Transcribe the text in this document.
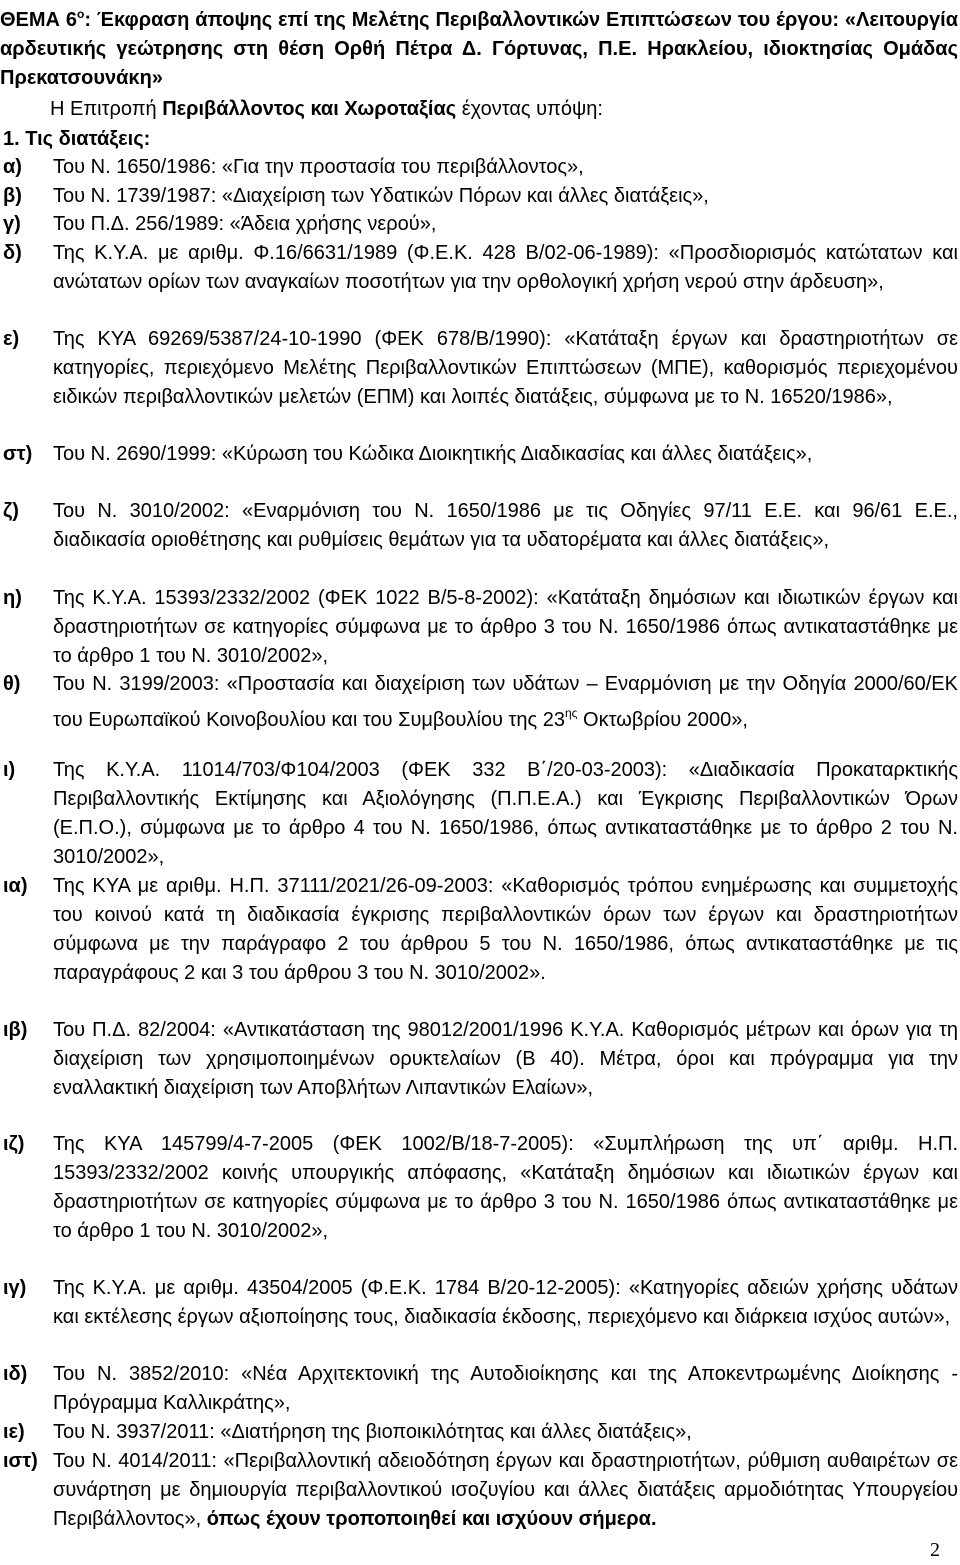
ΘΕΜΑ $6^o$: Έκφραση άποψης επί της Μελέτης Περιβαλλοντικών Επιπτώσεων του έργου: «Λειτουργία αρδευτικής γεώτρησης στη θέση Ορθή Πέτρα Δ. Γόρτυνας, Π.Ε. Ηρακλείου, ιδιοκτησίας Ομάδας Πρεκατσουνάκη»
Η Επιτροπή Περιβάλλοντος και Χωροταξίας έχοντας υπόψη:
1. Τις διατάξεις:
α) Του Ν. 1650/1986: «Για την προστασία του περιβάλλοντος»,
β) Του Ν. 1739/1987: «Διαχείριση των Υδατικών Πόρων και άλλες διατάξεις»,
γ) Του Π.Δ. 256/1989: «Άδεια χρήσης νερού»,
δ) Της Κ.Υ.Α. με αριθμ. Φ.16/6631/1989 (Φ.Ε.Κ. 428 Β/02-06-1989): «Προσδιορισμός κατώτατων και ανώτατων ορίων των αναγκαίων ποσοτήτων για την ορθολογική χρήση νερού στην άρδευση»,
ε) Της ΚΥΑ 69269/5387/24-10-1990 (ΦΕΚ 678/Β/1990): «Κατάταξη έργων και δραστηριοτήτων σε κατηγορίες, περιεχόμενο Μελέτης Περιβαλλοντικών Επιπτώσεων (ΜΠΕ), καθορισμός περιεχομένου ειδικών περιβαλλοντικών μελετών (ΕΠΜ) και λοιπές διατάξεις, σύμφωνα με το Ν. 16520/1986»,
στ) Του Ν. 2690/1999: «Κύρωση του Κώδικα Διοικητικής Διαδικασίας και άλλες διατάξεις»,
ζ) Του Ν. 3010/2002: «Εναρμόνιση του Ν. 1650/1986 με τις Οδηγίες 97/11 Ε.Ε. και 96/61 Ε.Ε., διαδικασία οριοθέτησης και ρυθμίσεις θεμάτων για τα υδατορέματα και άλλες διατάξεις»,
η) Της Κ.Υ.Α. 15393/2332/2002 (ΦΕΚ 1022 Β/5-8-2002): «Κατάταξη δημόσιων και ιδιωτικών έργων και δραστηριοτήτων σε κατηγορίες σύμφωνα με το άρθρο 3 του Ν. 1650/1986 όπως αντικαταστάθηκε με το άρθρο 1 του Ν. 3010/2002»,
θ) Του Ν. 3199/2003: «Προστασία και διαχείριση των υδάτων – Εναρμόνιση με την Οδηγία 2000/60/ΕΚ του Ευρωπαϊκού Κοινοβουλίου και του Συμβουλίου της $23^{\eta\varsigma}$ Οκτωβρίου 2000»,
ι) Της Κ.Υ.Α. 11014/703/Φ104/2003 (ΦΕΚ 332 Β΄/20-03-2003): «Διαδικασία Προκαταρκτικής Περιβαλλοντικής Εκτίμησης και Αξιολόγησης (Π.Π.Ε.Α.) και Έγκρισης Περιβαλλοντικών Όρων (Ε.Π.Ο.), σύμφωνα με το άρθρο 4 του Ν. 1650/1986, όπως αντικαταστάθηκε με το άρθρο 2 του Ν. 3010/2002»,
ια) Της ΚΥΑ με αριθμ. Η.Π. 37111/2021/26-09-2003: «Καθορισμός τρόπου ενημέρωσης και συμμετοχής του κοινού κατά τη διαδικασία έγκρισης περιβαλλοντικών όρων των έργων και δραστηριοτήτων σύμφωνα με την παράγραφο 2 του άρθρου 5 του Ν. 1650/1986, όπως αντικαταστάθηκε με τις παραγράφους 2 και 3 του άρθρου 3 του Ν. 3010/2002».
ιβ) Του Π.Δ. 82/2004: «Αντικατάσταση της 98012/2001/1996 Κ.Υ.Α. Καθορισμός μέτρων και όρων για τη διαχείριση των χρησιμοποιημένων ορυκτελαίων (Β 40). Μέτρα, όροι και πρόγραμμα για την εναλλακτική διαχείριση των Αποβλήτων Λιπαντικών Ελαίων»,
ιζ) Της ΚΥΑ 145799/4-7-2005 (ΦΕΚ 1002/Β/18-7-2005): «Συμπλήρωση της υπ΄ αριθμ. Η.Π. 15393/2332/2002 κοινής υπουργικής απόφασης, «Κατάταξη δημόσιων και ιδιωτικών έργων και δραστηριοτήτων σε κατηγορίες σύμφωνα με το άρθρο 3 του Ν. 1650/1986 όπως αντικαταστάθηκε με το άρθρο 1 του Ν. 3010/2002»,
ιγ) Της Κ.Υ.Α. με αριθμ. 43504/2005 (Φ.Ε.Κ. 1784 Β/20-12-2005): «Κατηγορίες αδειών χρήσης υδάτων και εκτέλεσης έργων αξιοποίησης τους, διαδικασία έκδοσης, περιεχόμενο και διάρκεια ισχύος αυτών»,
ιδ) Του Ν. 3852/2010: «Νέα Αρχιτεκτονική της Αυτοδιοίκησης και της Αποκεντρωμένης Διοίκησης - Πρόγραμμα Καλλικράτης»,
ιε) Του Ν. 3937/2011: «Διατήρηση της βιοποικιλότητας και άλλες διατάξεις»,
ιστ) Του Ν. 4014/2011: «Περιβαλλοντική αδειοδότηση έργων και δραστηριοτήτων, ρύθμιση αυθαιρέτων σε συνάρτηση με δημιουργία περιβαλλοντικού ισοζυγίου και άλλες διατάξεις αρμοδιότητας Υπουργείου Περιβάλλοντος», όπως έχουν τροποποιηθεί και ισχύουν σήμερα.
2
